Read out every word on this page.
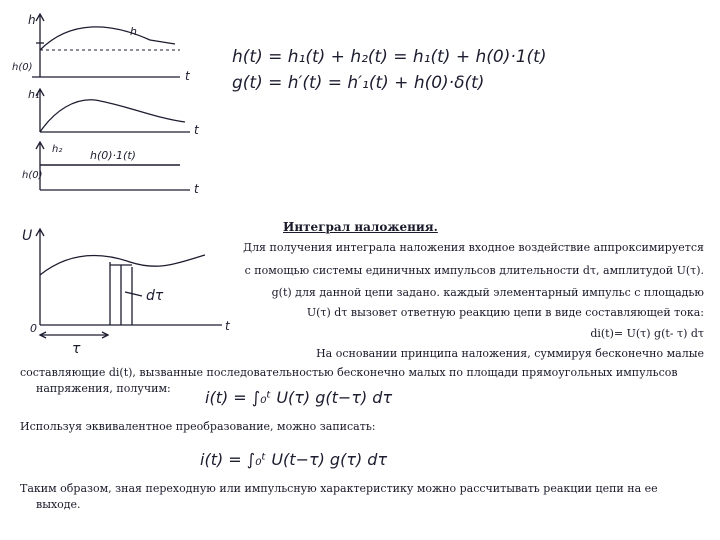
h
h
t
h(0)
h₁
t
h₂	h(0)·1(t)
h(0)
t
U
t
0
τ
dτ
h(t) = h₁(t) + h₂(t) = h₁(t) + h(0)·1(t)
g(t) = h′(t) = h′₁(t) + h(0)·δ(t)
i(t) = ∫₀ᵗ U(τ) g(t−τ) dτ
i(t) = ∫₀ᵗ U(t−τ) g(τ) dτ
Интеграл наложения.
Для получения интеграла наложения входное воздействие аппроксимируется
с помощью системы единичных импульсов длительности dτ, амплитудой U(τ).
g(t) для данной цепи задано. каждый элементарный импульс с площадью
U(τ) dτ вызовет ответную реакцию цепи в виде составляющей тока:
di(t)= U(τ) g(t- τ) dτ
На основании принципа наложения, суммируя бесконечно малые
составляющие di(t), вызванные последовательностью бесконечно малых по площади прямоугольных импульсов
напряжения, получим:
Используя эквивалентное преобразование, можно записать:
Таким образом, зная переходную или импульсную характеристику можно рассчитывать реакции цепи на ее
выходе.
